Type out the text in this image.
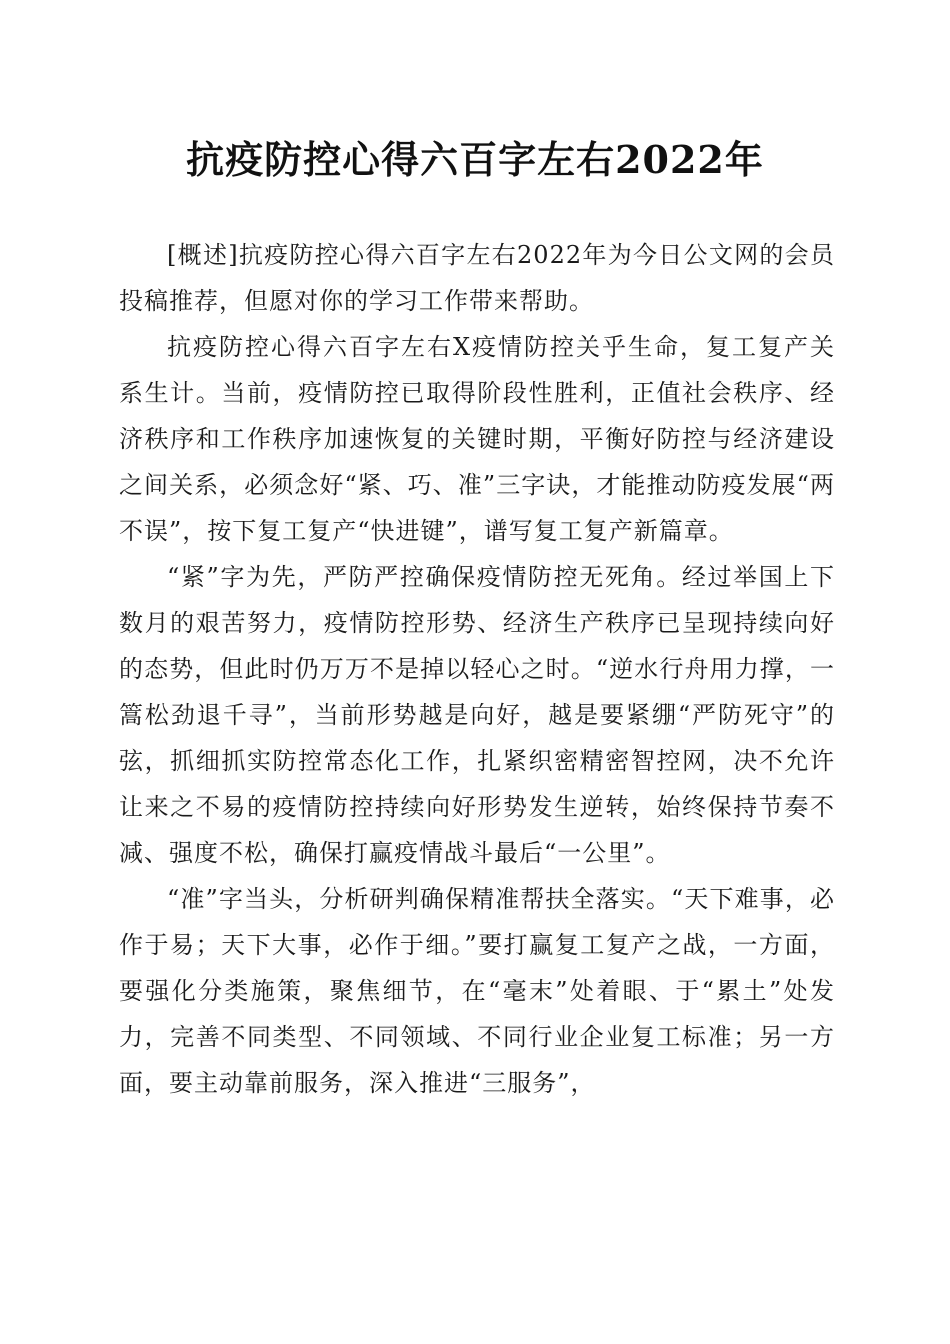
抗疫防控心得六百字左右2022年

[概述]抗疫防控心得六百字左右2022年为今日公文网的会员投稿推荐，但愿对你的学习工作带来帮助。

抗疫防控心得六百字左右X疫情防控关乎生命，复工复产关系生计。当前，疫情防控已取得阶段性胜利，正值社会秩序、经济秩序和工作秩序加速恢复的关键时期，平衡好防控与经济建设之间关系，必须念好“紧、巧、准”三字诀，才能推动防疫发展“两不误”，按下复工复产“快进键”，谱写复工复产新篇章。

“紧”字为先，严防严控确保疫情防控无死角。经过举国上下数月的艰苦努力，疫情防控形势、经济生产秩序已呈现持续向好的态势，但此时仍万万不是掉以轻心之时。“逆水行舟用力撑，一篙松劲退千寻”，当前形势越是向好，越是要紧绷“严防死守”的弦，抓细抓实防控常态化工作，扎紧织密精密智控网，决不允许让来之不易的疫情防控持续向好形势发生逆转，始终保持节奏不减、强度不松，确保打赢疫情战斗最后“一公里”。

“准”字当头，分析研判确保精准帮扶全落实。“天下难事，必作于易；天下大事，必作于细。”要打赢复工复产之战，一方面，要强化分类施策，聚焦细节，在“毫末”处着眼、于“累土”处发力，完善不同类型、不同领域、不同行业企业复工标准；另一方面，要主动靠前服务，深入推进“三服务”，
